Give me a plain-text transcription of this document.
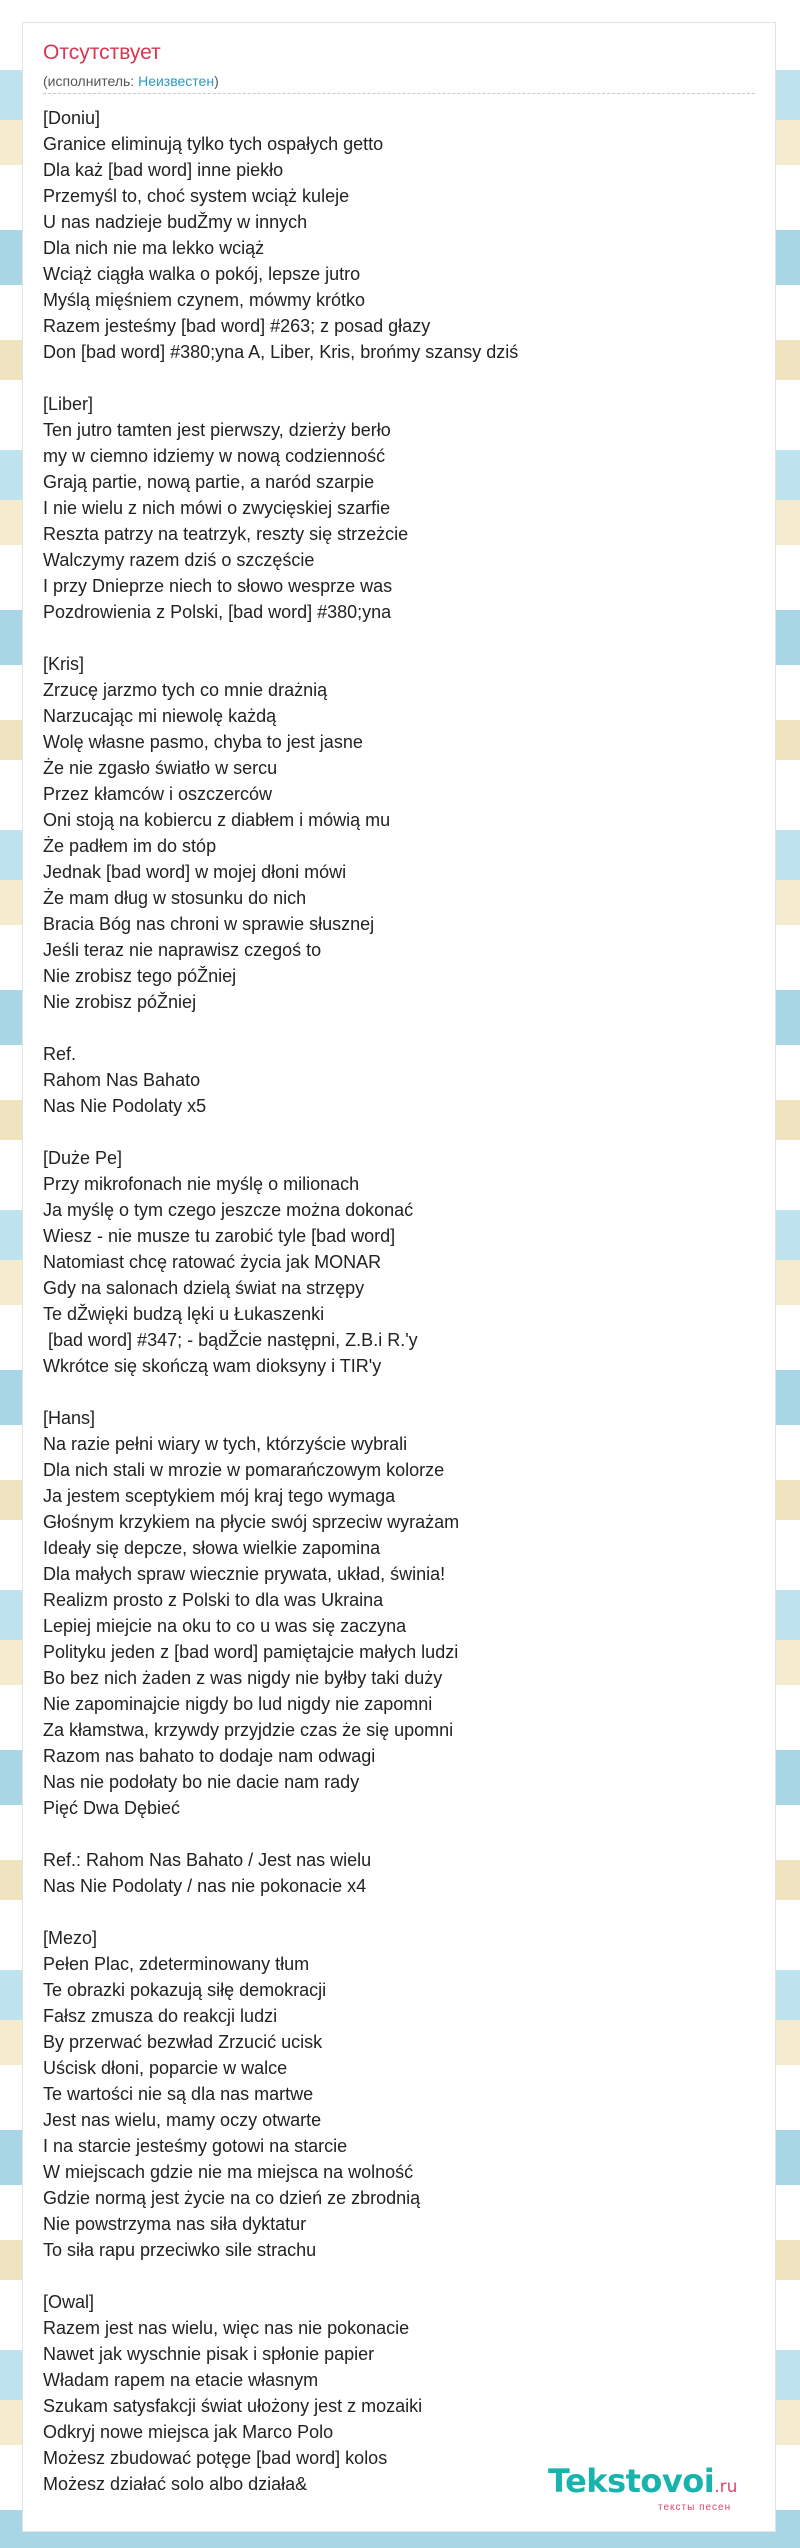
Отсутствует
(исполнитель: Неизвестен)
[Doniu]
Granice eliminują tylko tych ospałych getto
Dla każ [bad word] inne piekło
Przemyśl to, choć system wciąż kuleje
U nas nadzieje budŽmy w innych
Dla nich nie ma lekko wciąż
Wciąż ciągła walka o pokój, lepsze jutro
Myślą mięśniem czynem, mówmy krótko
Razem jesteśmy [bad word] #263; z posad głazy
Don [bad word] #380;yna A, Liber, Kris, brońmy szansy dziś
[Liber]
Ten jutro tamten jest pierwszy, dzierży berło
my w ciemno idziemy w nową codzienność
Grają partie, nową partie, a naród szarpie
I nie wielu z nich mówi o zwycięskiej szarfie
Reszta patrzy na teatrzyk, reszty się strzeżcie
Walczymy razem dziś o szczęście
I przy Dnieprze niech to słowo wesprze was
Pozdrowienia z Polski, [bad word] #380;yna
[Kris]
Zrzucę jarzmo tych co mnie drażnią
Narzucając mi niewolę każdą
Wolę własne pasmo, chyba to jest jasne
Że nie zgasło światło w sercu
Przez kłamców i oszczerców
Oni stoją na kobiercu z diabłem i mówią mu
Że padłem im do stóp
Jednak [bad word] w mojej dłoni mówi
Że mam dług w stosunku do nich
Bracia Bóg nas chroni w sprawie słusznej
Jeśli teraz nie naprawisz czegoś to
Nie zrobisz tego póŽniej
Nie zrobisz póŽniej
Ref.
Rahom Nas Bahato
Nas Nie Podolaty x5
[Duże Pe]
Przy mikrofonach nie myślę o milionach
Ja myślę o tym czego jeszcze można dokonać
Wiesz - nie musze tu zarobić tyle [bad word]
Natomiast chcę ratować życia jak MONAR
Gdy na salonach dzielą świat na strzępy
Te dŽwięki budzą lęki u Łukaszenki
[bad word] #347; - bądŽcie następni, Z.B.i R.'y
Wkrótce się skończą wam dioksyny i TIR'y
[Hans]
Na razie pełni wiary w tych, którzyście wybrali
Dla nich stali w mrozie w pomarańczowym kolorze
Ja jestem sceptykiem mój kraj tego wymaga
Głośnym krzykiem na płycie swój sprzeciw wyrażam
Ideały się depcze, słowa wielkie zapomina
Dla małych spraw wiecznie prywata, układ, świnia!
Realizm prosto z Polski to dla was Ukraina
Lepiej miejcie na oku to co u was się zaczyna
Polityku jeden z [bad word] pamiętajcie małych ludzi
Bo bez nich żaden z was nigdy nie byłby taki duży
Nie zapominajcie nigdy bo lud nigdy nie zapomni
Za kłamstwa, krzywdy przyjdzie czas że się upomni
Razom nas bahato to dodaje nam odwagi
Nas nie podołaty bo nie dacie nam rady
Pięć Dwa Dębieć
Ref.: Rahom Nas Bahato / Jest nas wielu
Nas Nie Podolaty / nas nie pokonacie x4
[Mezo]
Pełen Plac, zdeterminowany tłum
Te obrazki pokazują siłę demokracji
Fałsz zmusza do reakcji ludzi
By przerwać bezwład Zrzucić ucisk
Uścisk dłoni, poparcie w walce
Te wartości nie są dla nas martwe
Jest nas wielu, mamy oczy otwarte
I na starcie jesteśmy gotowi na starcie
W miejscach gdzie nie ma miejsca na wolność
Gdzie normą jest życie na co dzień ze zbrodnią
Nie powstrzyma nas siła dyktatur
To siła rapu przeciwko sile strachu
[Owal]
Razem jest nas wielu, więc nas nie pokonacie
Nawet jak wyschnie pisak i spłonie papier
Władam rapem na etacie własnym
Szukam satysfakcji świat ułożony jest z mozaiki
Odkryj nowe miejsca jak Marco Polo
Możesz zbudować potęge [bad word] kolos
Możesz działać solo albo działa&	Tekstovoi.ru
тексты песен
